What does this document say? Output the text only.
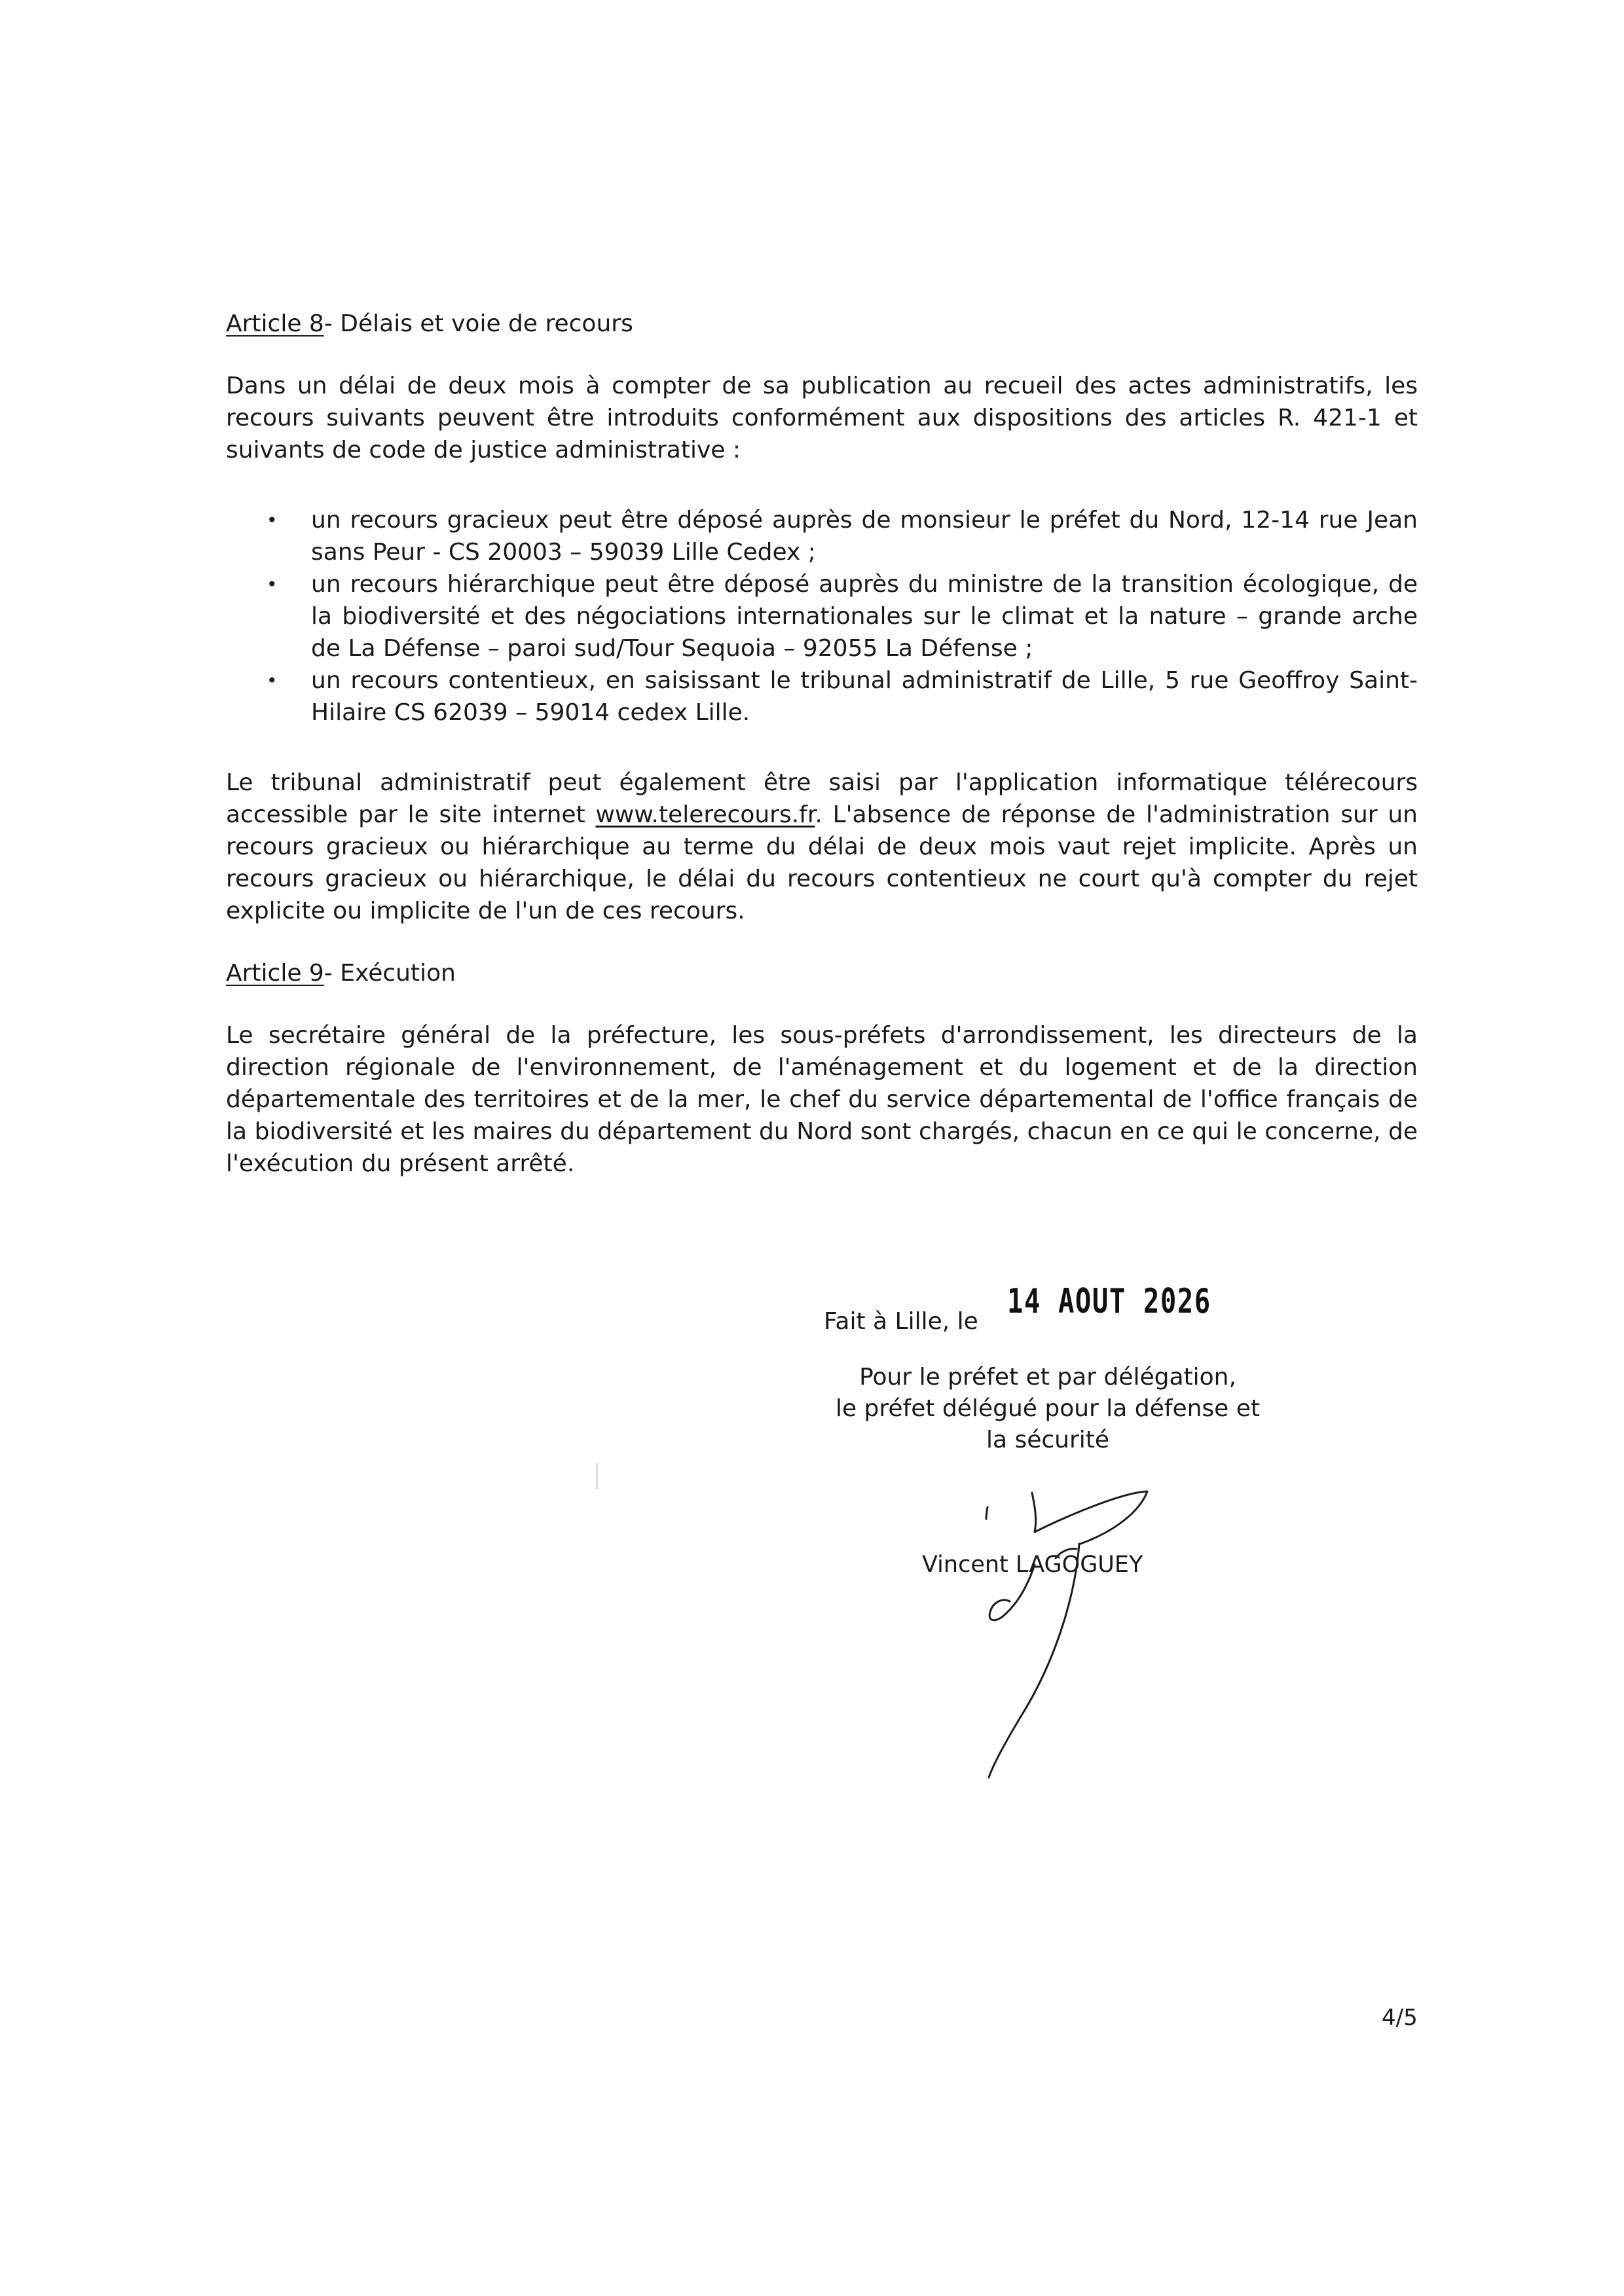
Article 8- Délais et voie de recours

Dans un délai de deux mois à compter de sa publication au recueil des actes administratifs, les recours suivants peuvent être introduits conformément aux dispositions des articles R. 421-1 et suivants de code de justice administrative :

• un recours gracieux peut être déposé auprès de monsieur le préfet du Nord, 12-14 rue Jean sans Peur - CS 20003 – 59039 Lille Cedex ;
• un recours hiérarchique peut être déposé auprès du ministre de la transition écologique, de la biodiversité et des négociations internationales sur le climat et la nature – grande arche de La Défense – paroi sud/Tour Sequoia – 92055 La Défense ;
• un recours contentieux, en saisissant le tribunal administratif de Lille, 5 rue Geoffroy Saint-Hilaire CS 62039 – 59014 cedex Lille.

Le tribunal administratif peut également être saisi par l'application informatique télérecours accessible par le site internet www.telerecours.fr. L'absence de réponse de l'administration sur un recours gracieux ou hiérarchique au terme du délai de deux mois vaut rejet implicite. Après un recours gracieux ou hiérarchique, le délai du recours contentieux ne court qu'à compter du rejet explicite ou implicite de l'un de ces recours.

Article 9- Exécution

Le secrétaire général de la préfecture, les sous-préfets d'arrondissement, les directeurs de la direction régionale de l'environnement, de l'aménagement et du logement et de la direction départementale des territoires et de la mer, le chef du service départemental de l'office français de la biodiversité et les maires du département du Nord sont chargés, chacun en ce qui le concerne, de l'exécution du présent arrêté.

Fait à Lille, le
14 AOUT 2026
Pour le préfet et par délégation,
le préfet délégué pour la défense et
la sécurité
Vincent LAGOGUEY
4/5
